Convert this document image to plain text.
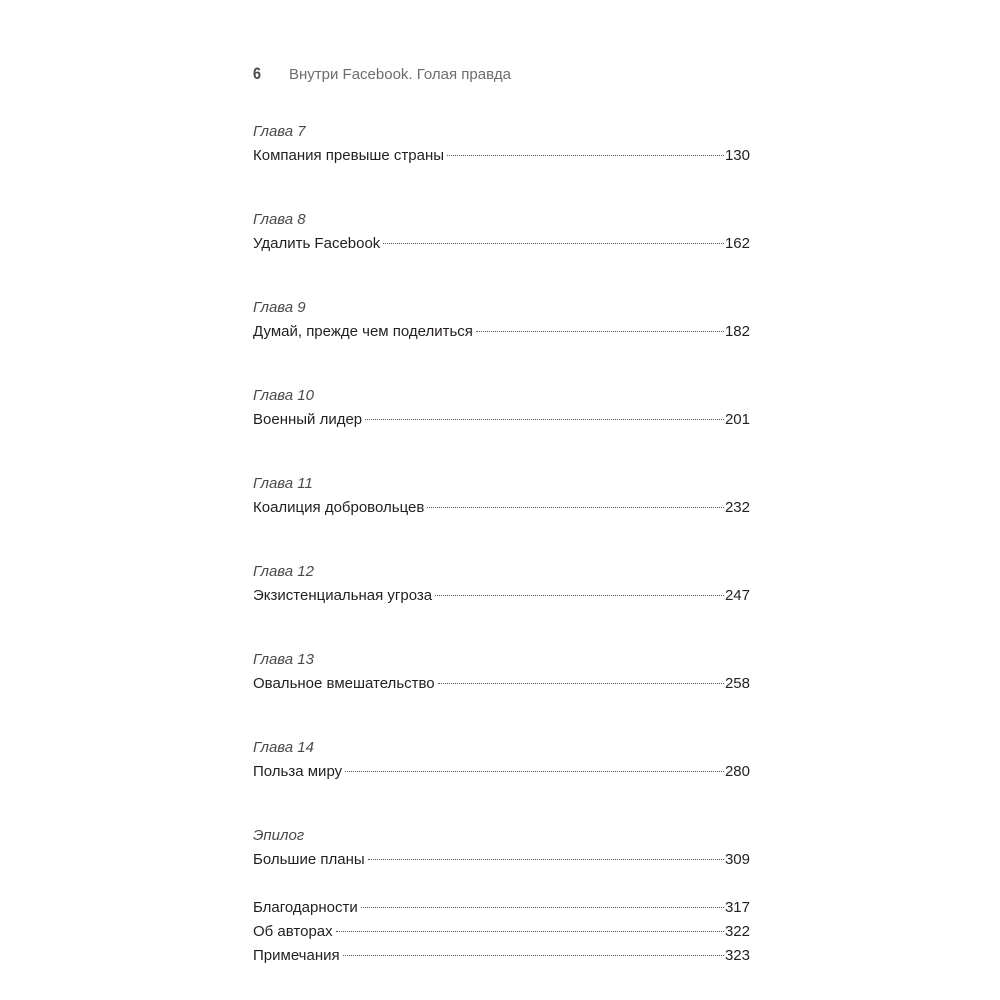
6	Внутри Facebook. Голая правда
Глава 7
Компания превыше страны	130
Глава 8
Удалить Facebook	162
Глава 9
Думай, прежде чем поделиться	182
Глава 10
Военный лидер	201
Глава 11
Коалиция добровольцев	232
Глава 12
Экзистенциальная угроза	247
Глава 13
Овальное вмешательство	258
Глава 14
Польза миру	280
Эпилог
Большие планы	309
Благодарности	317
Об авторах	322
Примечания	323
